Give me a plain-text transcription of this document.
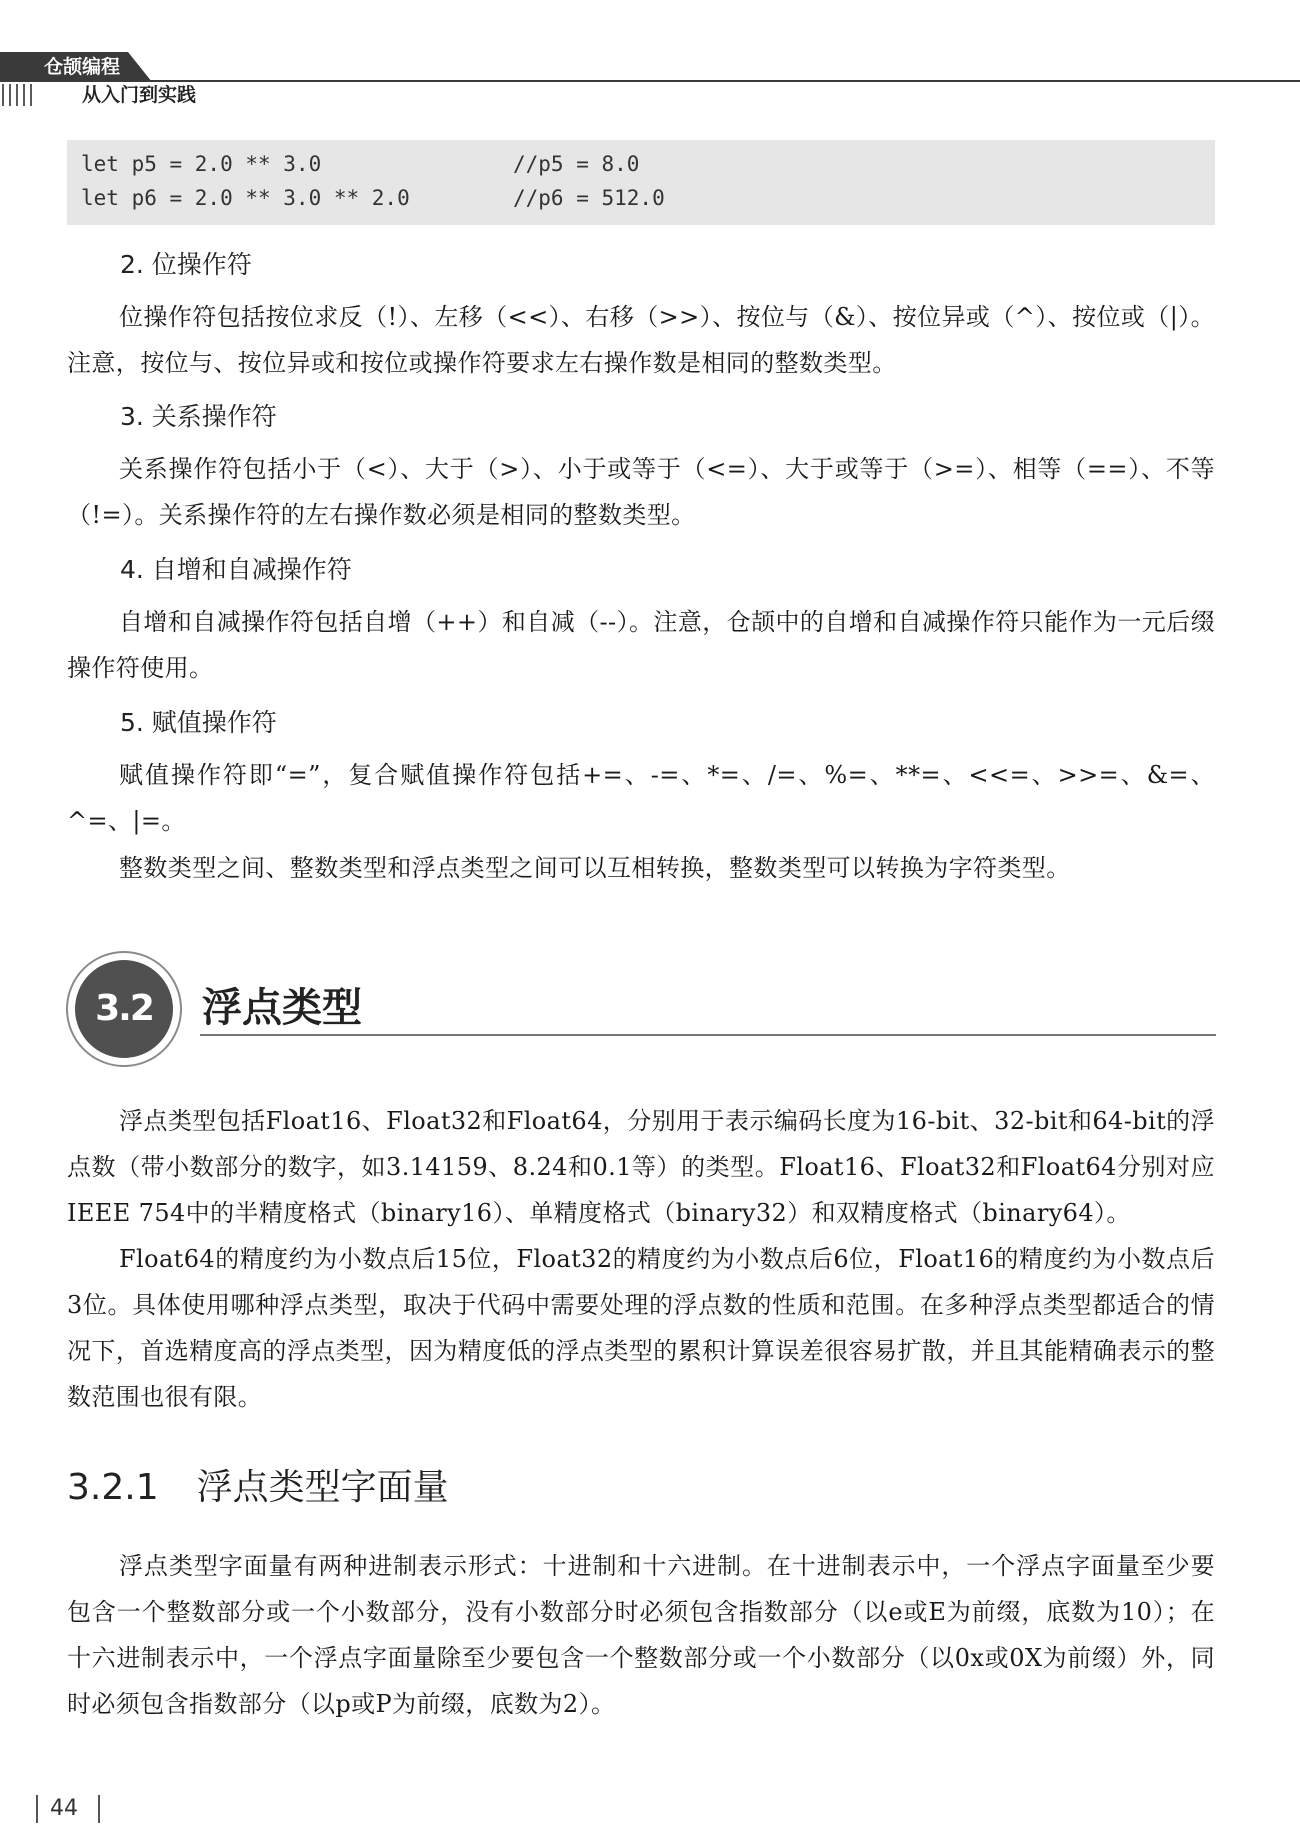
仓颉编程
从入门到实践
let p5 = 2.0 ** 3.0	//p5 = 8.0
let p6 = 2.0 ** 3.0 ** 2.0	//p6 = 512.0
2. 位操作符
位操作符包括按位求反（!）、左移（<<）、右移（>>）、按位与（&）、按位异或（^）、按位或（|）。注意，按位与、按位异或和按位或操作符要求左右操作数是相同的整数类型。
3. 关系操作符
关系操作符包括小于（<）、大于（>）、小于或等于（<=）、大于或等于（>=）、相等（==）、不等（!=）。关系操作符的左右操作数必须是相同的整数类型。
4. 自增和自减操作符
自增和自减操作符包括自增（++）和自减（--）。注意，仓颉中的自增和自减操作符只能作为一元后缀操作符使用。
5. 赋值操作符
赋值操作符即“=”，复合赋值操作符包括+=、-=、*=、/=、%=、**=、<<=、>>=、&=、^=、|=。
整数类型之间、整数类型和浮点类型之间可以互相转换，整数类型可以转换为字符类型。
3.2	浮点类型
浮点类型包括Float16、Float32和Float64，分别用于表示编码长度为16-bit、32-bit和64-bit的浮点数（带小数部分的数字，如3.14159、8.24和0.1等）的类型。Float16、Float32和Float64分别对应IEEE 754中的半精度格式（binary16）、单精度格式（binary32）和双精度格式（binary64）。
Float64的精度约为小数点后15位，Float32的精度约为小数点后6位，Float16的精度约为小数点后3位。具体使用哪种浮点类型，取决于代码中需要处理的浮点数的性质和范围。在多种浮点类型都适合的情况下，首选精度高的浮点类型，因为精度低的浮点类型的累积计算误差很容易扩散，并且其能精确表示的整数范围也很有限。
3.2.1 浮点类型字面量
浮点类型字面量有两种进制表示形式：十进制和十六进制。在十进制表示中，一个浮点字面量至少要包含一个整数部分或一个小数部分，没有小数部分时必须包含指数部分（以e或E为前缀，底数为10）；在十六进制表示中，一个浮点字面量除至少要包含一个整数部分或一个小数部分（以0x或0X为前缀）外，同时必须包含指数部分（以p或P为前缀，底数为2）。
44
